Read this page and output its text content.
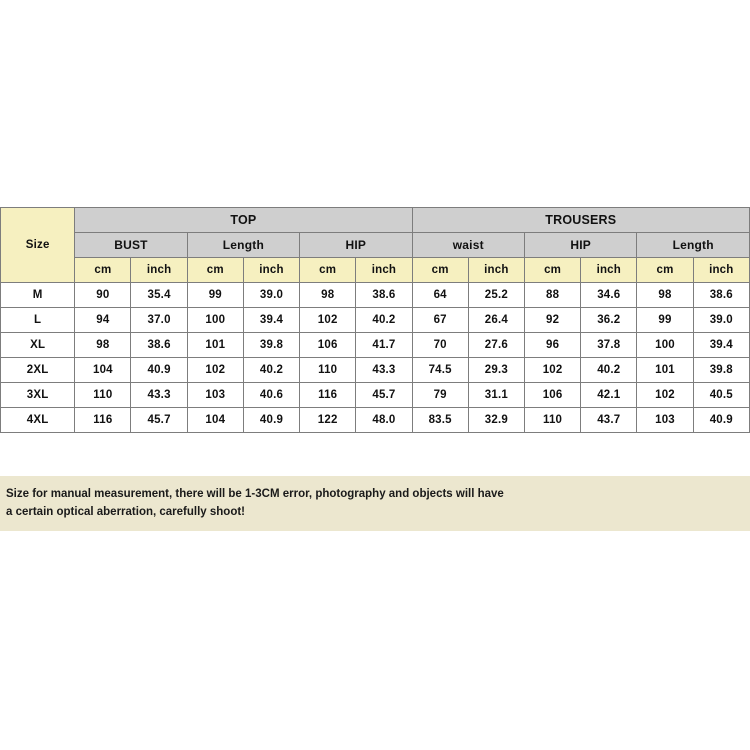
Size	TOP						TROUSERS					
	BUST		Length		HIP		waist		HIP		Length	
	cm	inch	cm	inch	cm	inch	cm	inch	cm	inch	cm	inch
M	90	35.4	99	39.0	98	38.6	64	25.2	88	34.6	98	38.6
L	94	37.0	100	39.4	102	40.2	67	26.4	92	36.2	99	39.0
XL	98	38.6	101	39.8	106	41.7	70	27.6	96	37.8	100	39.4
2XL	104	40.9	102	40.2	110	43.3	74.5	29.3	102	40.2	101	39.8
3XL	110	43.3	103	40.6	116	45.7	79	31.1	106	42.1	102	40.5
4XL	116	45.7	104	40.9	122	48.0	83.5	32.9	110	43.7	103	40.9
Size for manual measurement, there will be 1-3CM error, photography and objects will have
a certain optical aberration, carefully shoot!
